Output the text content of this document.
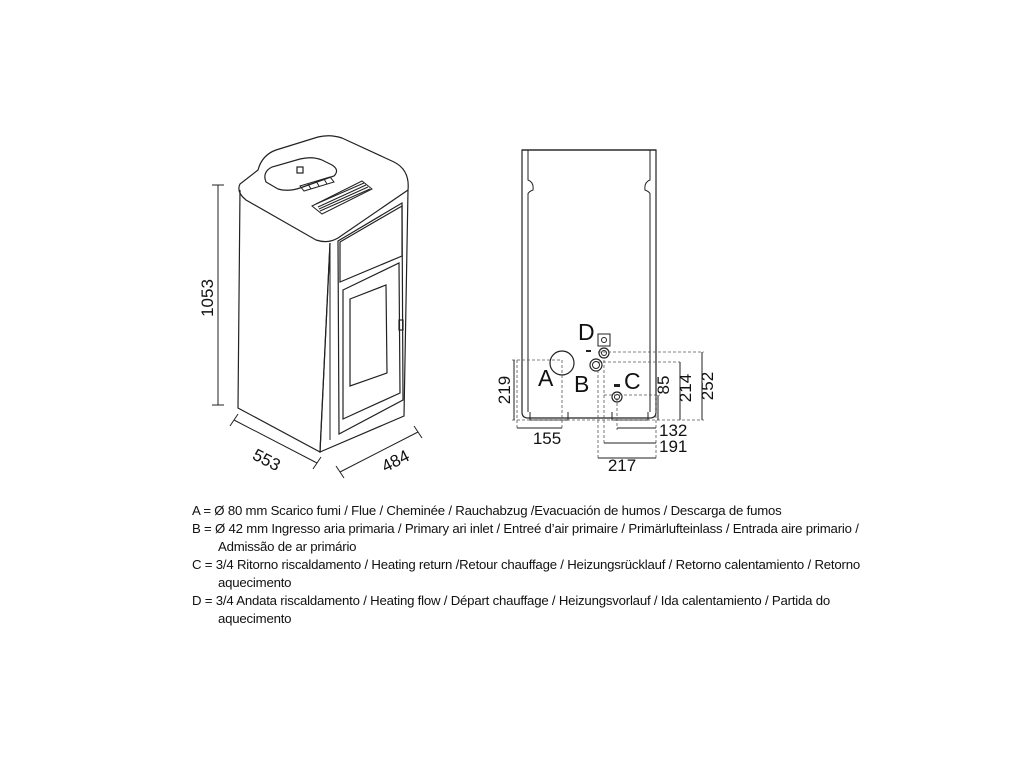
1053
553	484
219
155
85 214 252
132
191
217
A B C
D
A = Ø 80 mm Scarico fumi / Flue / Cheminée / Rauchabzug /Evacuación de humos / Descarga de fumos
B = Ø 42 mm Ingresso aria primaria / Primary ari inlet / Entreé d’air primaire / Primärlufteinlass / Entrada aire primario / Admissão de ar primário
C = 3/4 Ritorno riscaldamento / Heating return /Retour chauffage / Heizungsrücklauf / Retorno calentamiento / Retorno aquecimento
D = 3/4 Andata riscaldamento / Heating flow / Départ chauffage / Heizungsvorlauf / Ida calentamiento / Partida do aquecimento
